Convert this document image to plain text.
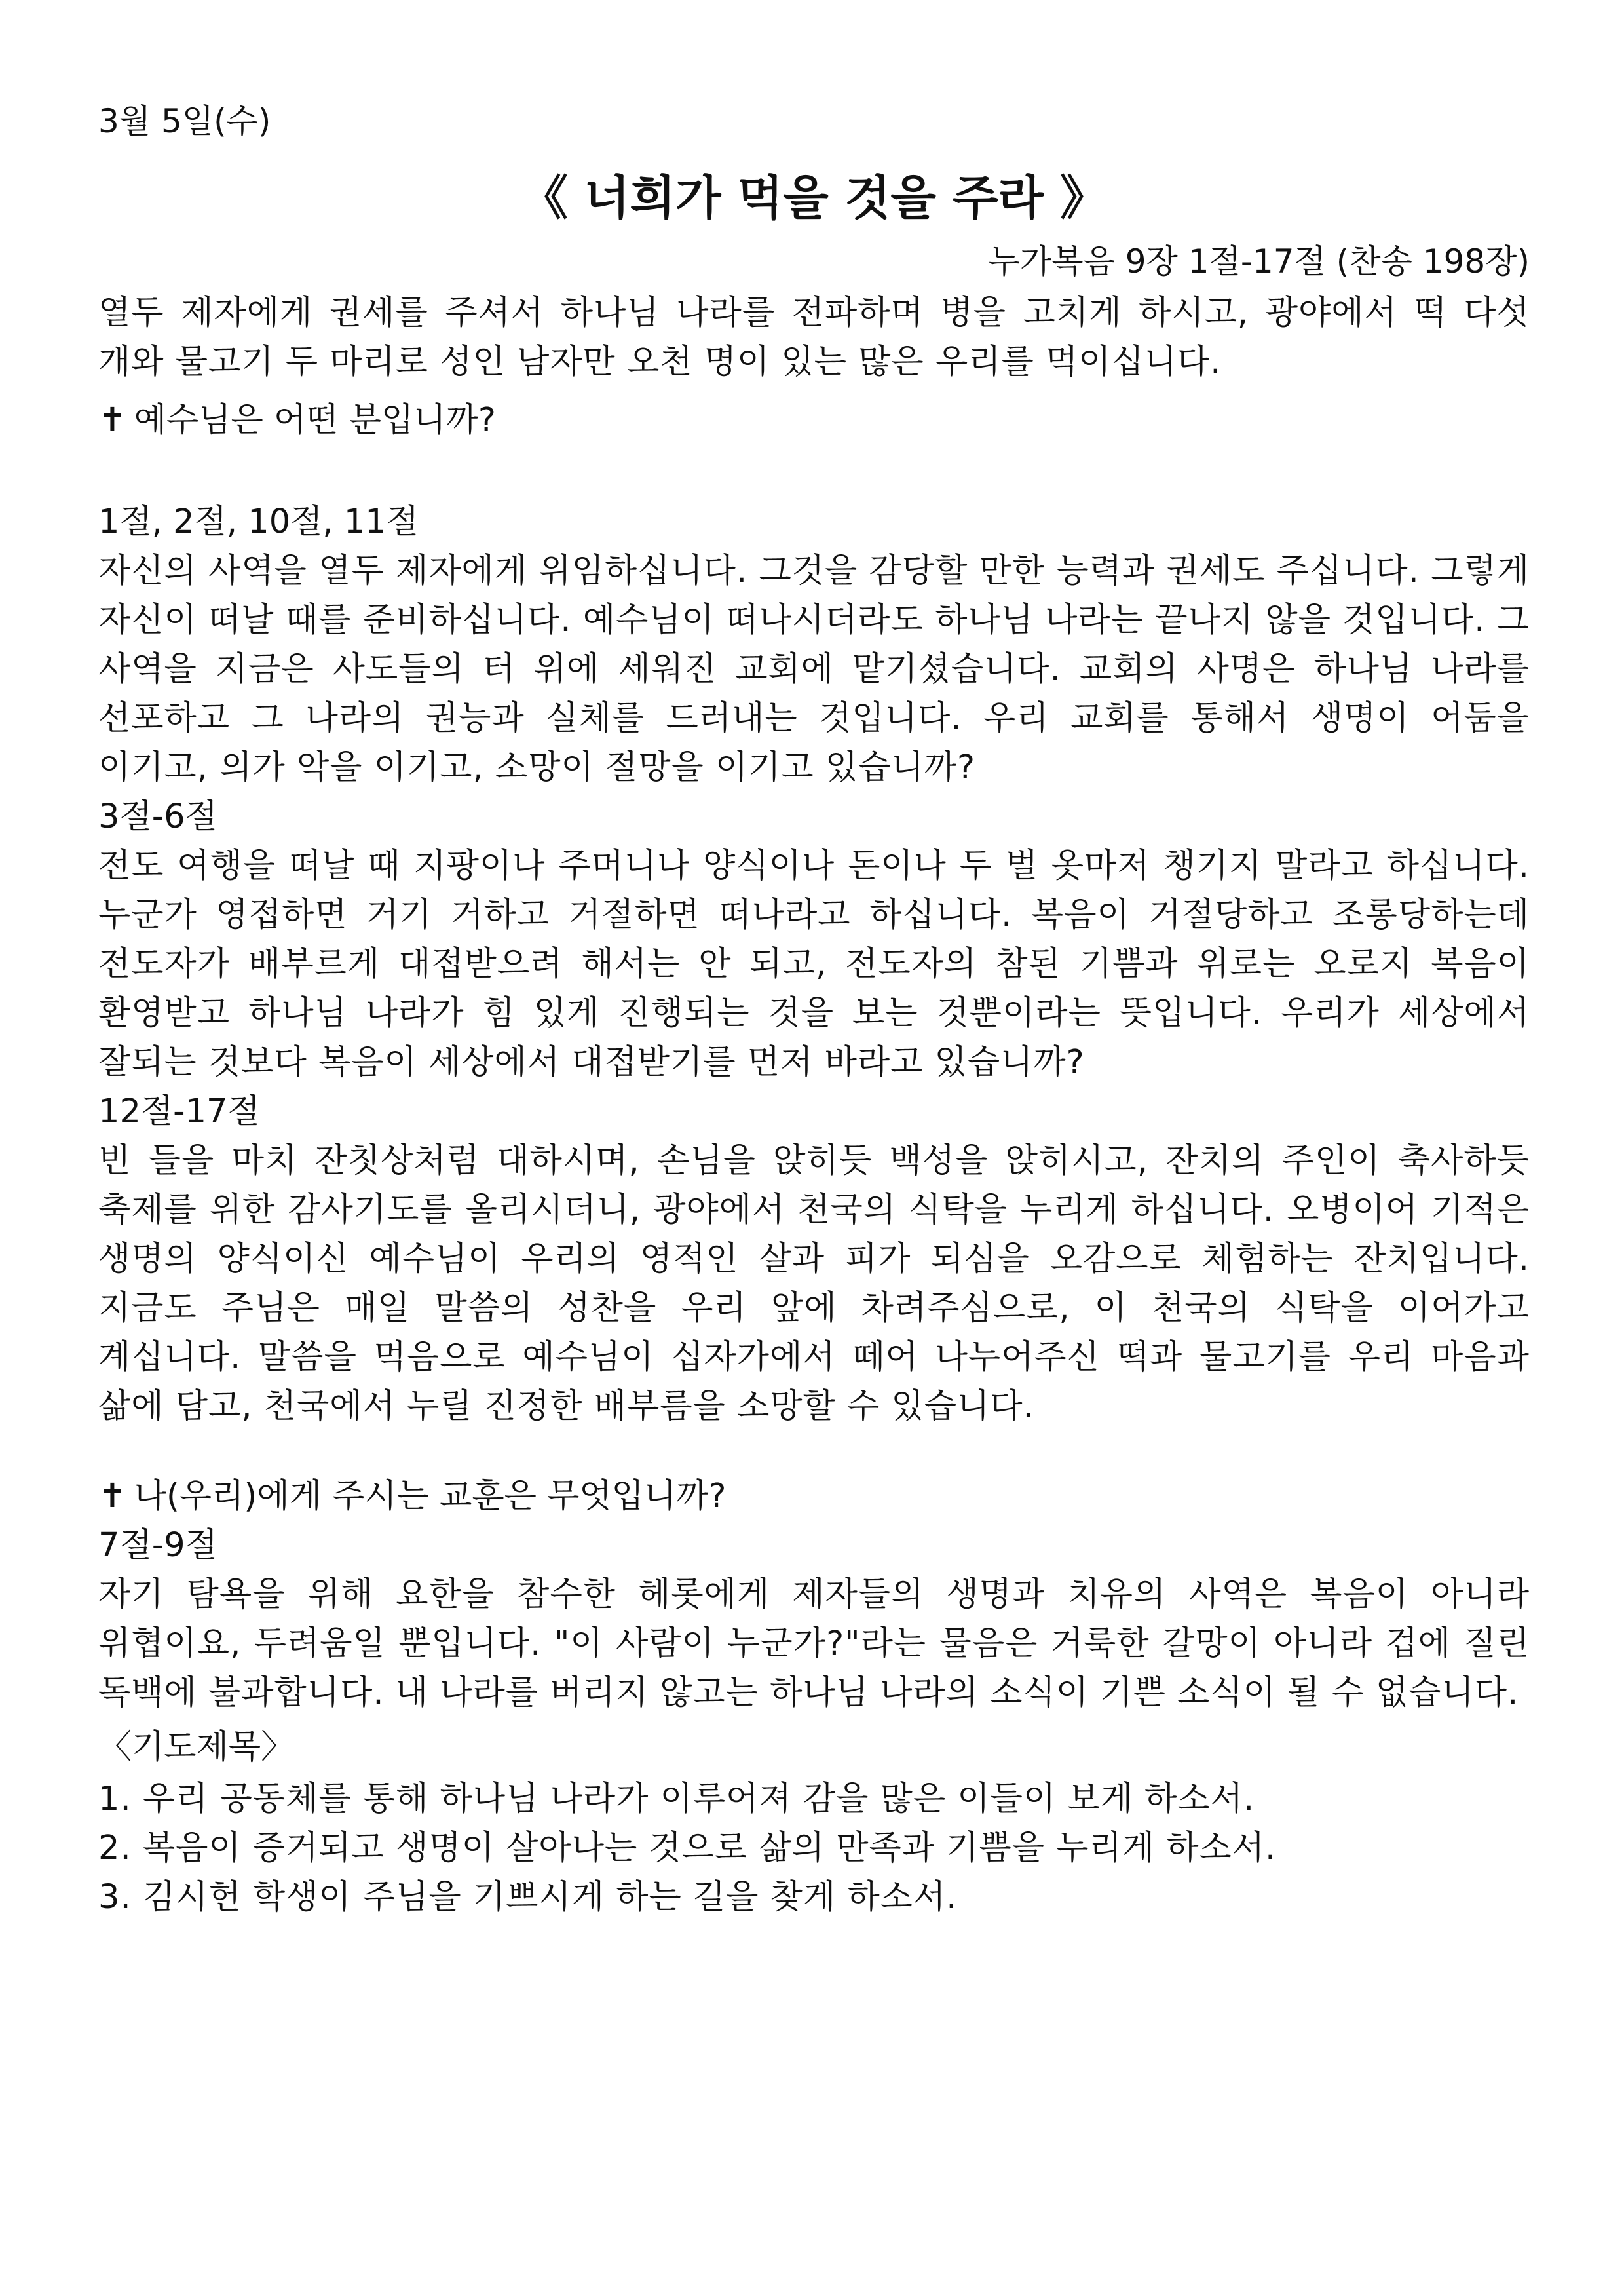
3월 5일(수)
《 너희가 먹을 것을 주라 》
누가복음 9장 1절-17절 (찬송 198장)

열두 제자에게 권세를 주셔서 하나님 나라를 전파하며 병을 고치게 하시고, 광야에서 떡 다섯 개와 물고기 두 마리로 성인 남자만 오천 명이 있는 많은 우리를 먹이십니다.

✝ 예수님은 어떤 분입니까?
1절, 2절, 10절, 11절

자신의 사역을 열두 제자에게 위임하십니다. 그것을 감당할 만한 능력과 권세도 주십니다. 그렇게 자신이 떠날 때를 준비하십니다. 예수님이 떠나시더라도 하나님 나라는 끝나지 않을 것입니다. 그 사역을 지금은 사도들의 터 위에 세워진 교회에 맡기셨습니다. 교회의 사명은 하나님 나라를 선포하고 그 나라의 권능과 실체를 드러내는 것입니다. 우리 교회를 통해서 생명이 어둠을 이기고, 의가 악을 이기고, 소망이 절망을 이기고 있습니까?

3절-6절

전도 여행을 떠날 때 지팡이나 주머니나 양식이나 돈이나 두 벌 옷마저 챙기지 말라고 하십니다. 누군가 영접하면 거기 거하고 거절하면 떠나라고 하십니다. 복음이 거절당하고 조롱당하는데 전도자가 배부르게 대접받으려 해서는 안 되고, 전도자의 참된 기쁨과 위로는 오로지 복음이 환영받고 하나님 나라가 힘 있게 진행되는 것을 보는 것뿐이라는 뜻입니다. 우리가 세상에서 잘되는 것보다 복음이 세상에서 대접받기를 먼저 바라고 있습니까?

12절-17절

빈 들을 마치 잔칫상처럼 대하시며, 손님을 앉히듯 백성을 앉히시고, 잔치의 주인이 축사하듯 축제를 위한 감사기도를 올리시더니, 광야에서 천국의 식탁을 누리게 하십니다. 오병이어 기적은 생명의 양식이신 예수님이 우리의 영적인 살과 피가 되심을 오감으로 체험하는 잔치입니다. 지금도 주님은 매일 말씀의 성찬을 우리 앞에 차려주심으로, 이 천국의 식탁을 이어가고 계십니다. 말씀을 먹음으로 예수님이 십자가에서 떼어 나누어주신 떡과 물고기를 우리 마음과 삶에 담고, 천국에서 누릴 진정한 배부름을 소망할 수 있습니다.

✝ 나(우리)에게 주시는 교훈은 무엇입니까?
7절-9절

자기 탐욕을 위해 요한을 참수한 헤롯에게 제자들의 생명과 치유의 사역은 복음이 아니라 위협이요, 두려움일 뿐입니다. "이 사람이 누군가?"라는 물음은 거룩한 갈망이 아니라 겁에 질린 독백에 불과합니다. 내 나라를 버리지 않고는 하나님 나라의 소식이 기쁜 소식이 될 수 없습니다.

〈기도제목〉
1. 우리 공동체를 통해 하나님 나라가 이루어져 감을 많은 이들이 보게 하소서.
2. 복음이 증거되고 생명이 살아나는 것으로 삶의 만족과 기쁨을 누리게 하소서.
3. 김시헌 학생이 주님을 기쁘시게 하는 길을 찾게 하소서.
